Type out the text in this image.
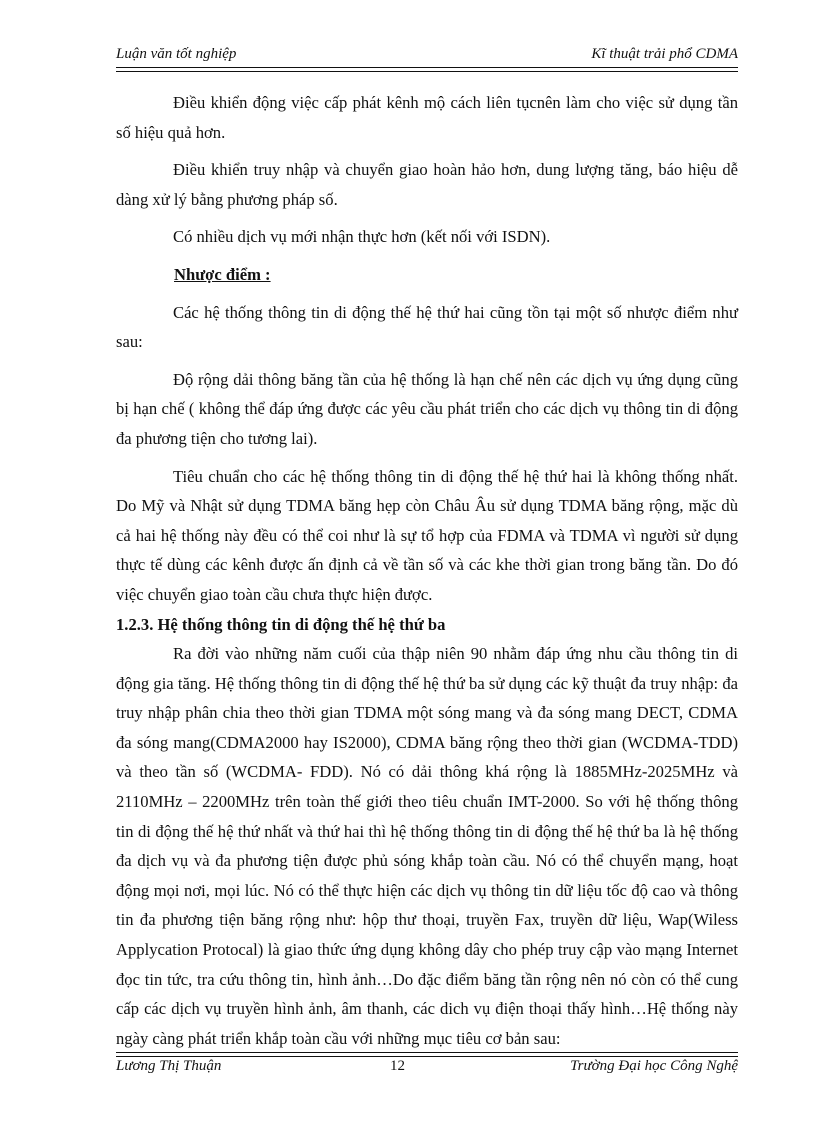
Luận văn tốt nghiệp	Kĩ thuật trải phổ CDMA

Điều khiển động việc cấp phát kênh mộ cách liên tụcnên làm cho việc sử dụng tần số hiệu quả hơn.

Điều khiển truy nhập và chuyển giao hoàn hảo hơn, dung lượng tăng, báo hiệu dễ dàng xử lý bằng phương pháp số.

Có nhiều dịch vụ mới nhận thực hơn (kết nối với ISDN).

Nhược điểm :

Các hệ thống thông tin di động thế hệ thứ hai cũng tồn tại một số nhược điểm như sau:

Độ rộng dải thông băng tần của hệ thống là hạn chế nên các dịch vụ ứng dụng cũng bị hạn chế ( không thể đáp ứng được các yêu cầu phát triển cho các dịch vụ thông tin di động đa phương tiện cho tương lai).

Tiêu chuẩn cho các hệ thống thông tin di động thế hệ thứ hai là không thống nhất. Do Mỹ và Nhật sử dụng TDMA băng hẹp còn Châu Âu sử dụng TDMA băng rộng, mặc dù cả hai hệ thống này đều có thể coi như là sự tổ hợp của FDMA và TDMA vì người sử dụng thực tế dùng các kênh được ấn định cả về tần số và các khe thời gian trong băng tần. Do đó việc chuyển giao toàn cầu chưa thực hiện được.

1.2.3. Hệ thống thông tin di động thế hệ thứ ba

Ra đời vào những năm cuối của thập niên 90 nhằm đáp ứng nhu cầu thông tin di động gia tăng. Hệ thống thông tin di động thế hệ thứ ba sử dụng các kỹ thuật đa truy nhập: đa truy nhập phân chia theo thời gian TDMA một sóng mang và đa sóng mang DECT, CDMA đa sóng mang(CDMA2000 hay IS2000), CDMA băng rộng theo thời gian (WCDMA-TDD) và theo tần số (WCDMA- FDD). Nó có dải thông khá rộng là 1885MHz-2025MHz và 2110MHz – 2200MHz trên toàn thế giới theo tiêu chuẩn IMT-2000. So với hệ thống thông tin di động thế hệ thứ nhất và thứ hai thì hệ thống thông tin di động thế hệ thứ ba là hệ thống đa dịch vụ và đa phương tiện được phủ sóng khắp toàn cầu. Nó có thể chuyển mạng, hoạt động mọi nơi, mọi lúc. Nó có thể thực hiện các dịch vụ thông tin dữ liệu tốc độ cao và thông tin đa phương tiện băng rộng như: hộp thư thoại, truyền Fax, truyền dữ liệu, Wap(Wiless Applycation Protocal) là giao thức ứng dụng không dây cho phép truy cập vào mạng Internet đọc tin tức, tra cứu thông tin, hình ảnh…Do đặc điểm băng tần rộng nên nó còn có thể cung cấp các dịch vụ truyền hình ảnh, âm thanh, các dich vụ điện thoại thấy hình…Hệ thống này ngày càng phát triển khắp toàn cầu với những mục tiêu cơ bản sau:

Lương Thị Thuận	12	Trường Đại học Công Nghệ
